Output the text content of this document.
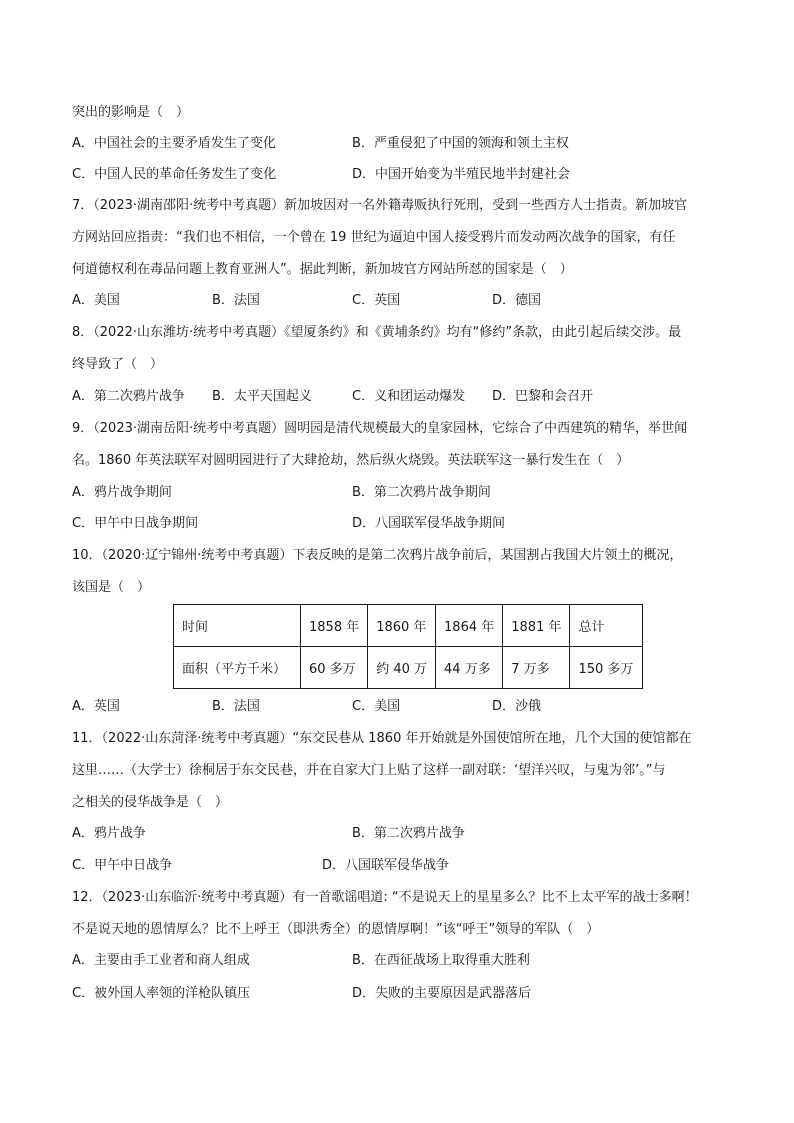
突出的影响是（　）
A．中国社会的主要矛盾发生了变化	B．严重侵犯了中国的领海和领土主权
C．中国人民的革命任务发生了变化	D．中国开始变为半殖民地半封建社会
7．（2023·湖南邵阳·统考中考真题）新加坡因对一名外籍毒贩执行死刑，受到一些西方人士指责。新加坡官
方网站回应指责：“我们也不相信，一个曾在 19 世纪为逼迫中国人接受鸦片而发动两次战争的国家，有任
何道德权利在毒品问题上教育亚洲人”。据此判断，新加坡官方网站所怼的国家是（　）
A．美国	B．法国	C．英国	D．德国
8．（2022·山东潍坊·统考中考真题）《望厦条约》和《黄埔条约》均有“修约”条款，由此引起后续交涉。最
终导致了（　）
A．第二次鸦片战争 B．太平天国起义	C．义和团运动爆发 D．巴黎和会召开
9．（2023·湖南岳阳·统考中考真题）圆明园是清代规模最大的皇家园林，它综合了中西建筑的精华，举世闻
名。1860 年英法联军对圆明园进行了大肆抢劫，然后纵火烧毁。英法联军这一暴行发生在（　）
A．鸦片战争期间	B．第二次鸦片战争期间
C．甲午中日战争期间	D．八国联军侵华战争期间
10．（2020·辽宁锦州·统考中考真题）下表反映的是第二次鸦片战争前后，某国割占我国大片领土的概况，
该国是（　）
时间	1858 年	1860 年	1864 年	1881 年	总计
面积（平方千米）	60 多万	约 40 万	44 万多	7 万多	150 多万
A．英国	B．法国	C．美国	D．沙俄
11．（2022·山东菏泽·统考中考真题）“东交民巷从 1860 年开始就是外国使馆所在地，几个大国的使馆都在
这里……（大学士）徐桐居于东交民巷，并在自家大门上贴了这样一副对联：‘望洋兴叹，与鬼为邻’。”与
之相关的侵华战争是（　）
A．鸦片战争	B．第二次鸦片战争
C．甲午中日战争	D．八国联军侵华战争
12．（2023·山东临沂·统考中考真题）有一首歌谣唱道: “不是说天上的星星多么？比不上太平军的战士多啊！
不是说天地的恩情厚么？比不上呼王（即洪秀全）的恩情厚啊！”该“呼王”领导的军队（　）
A．主要由手工业者和商人组成	B．在西征战场上取得重大胜利
C．被外国人率领的洋枪队镇压	D．失败的主要原因是武器落后
